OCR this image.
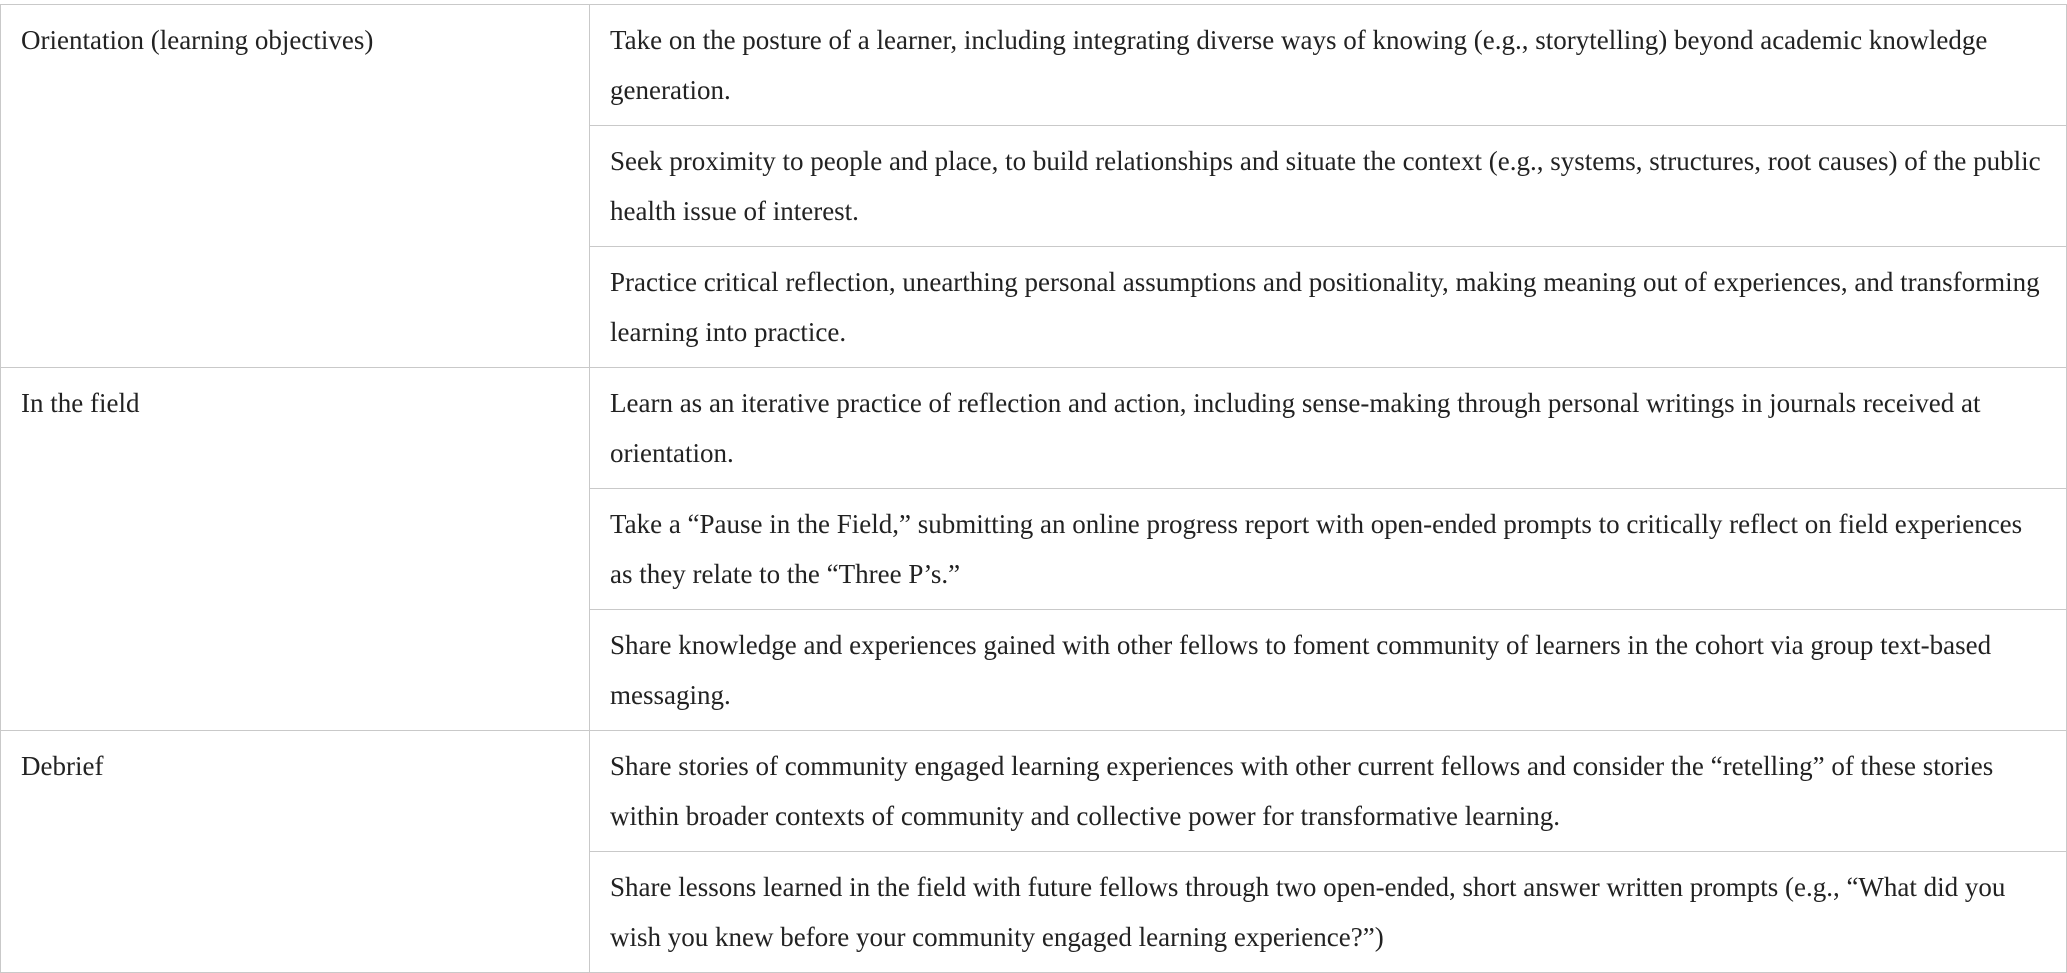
Orientation (learning objectives)	Take on the posture of a learner, including integrating diverse ways of knowing (e.g., storytelling) beyond academic knowledge generation.
	Seek proximity to people and place, to build relationships and situate the context (e.g., systems, structures, root causes) of the public health issue of interest.
	Practice critical reflection, unearthing personal assumptions and positionality, making meaning out of experiences, and transforming learning into practice.
In the field	Learn as an iterative practice of reflection and action, including sense-making through personal writings in journals received at orientation.
	Take a “Pause in the Field,” submitting an online progress report with open-ended prompts to critically reflect on field experiences as they relate to the “Three P’s.”
	Share knowledge and experiences gained with other fellows to foment community of learners in the cohort via group text-based messaging.
Debrief	Share stories of community engaged learning experiences with other current fellows and consider the “retelling” of these stories within broader contexts of community and collective power for transformative learning.
	Share lessons learned in the field with future fellows through two open-ended, short answer written prompts (e.g., “What did you wish you knew before your community engaged learning experience?”)
